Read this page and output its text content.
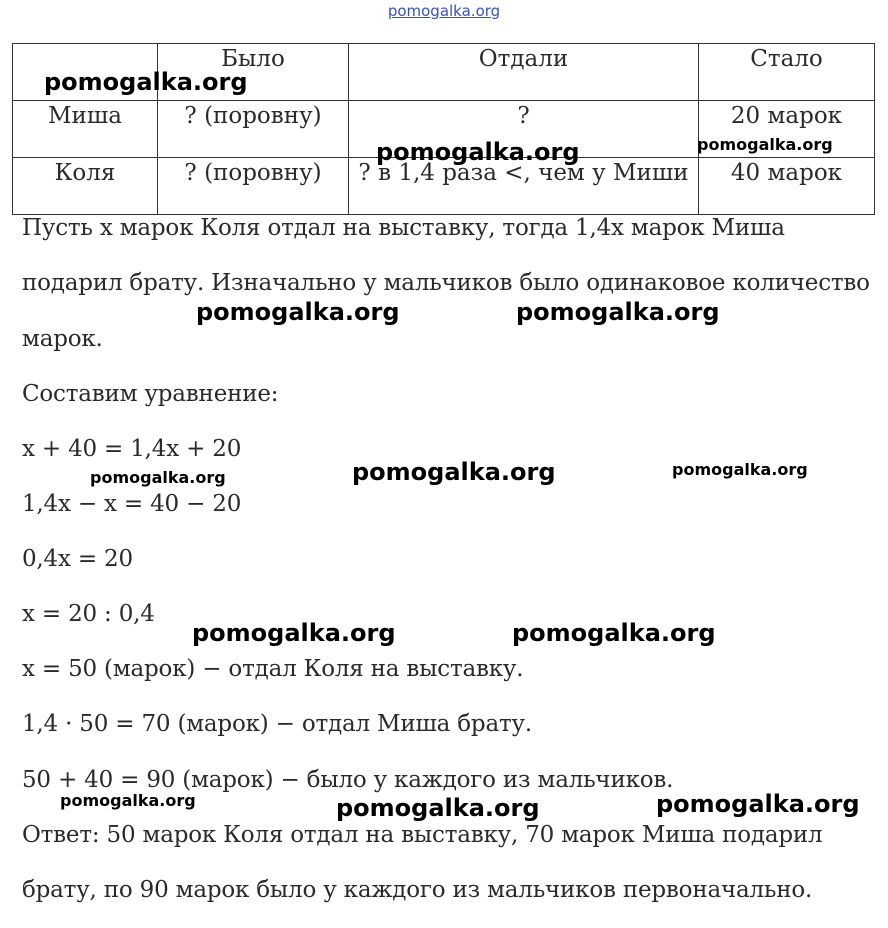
pomogalka.org
	Было	Отдали	Стало
Миша	? (поровну)	?	20 марок
Коля	? (поровну)	? в 1,4 раза <, чем у Миши	40 марок
Пусть x марок Коля отдал на выставку, тогда 1,4x марок Миша
подарил брату. Изначально у мальчиков было одинаковое количество
марок.
Составим уравнение:
x + 40 = 1,4x + 20
1,4x − x = 40 − 20
0,4x = 20
x = 20 : 0,4
x = 50 (марок) − отдал Коля на выставку.
1,4 · 50 = 70 (марок) − отдал Миша брату.
50 + 40 = 90 (марок) − было у каждого из мальчиков.
Ответ: 50 марок Коля отдал на выставку, 70 марок Миша подарил
брату, по 90 марок было у каждого из мальчиков первоначально.
pomogalka.org
pomogalka.org	pomogalka.org
pomogalka.org	pomogalka.org
pomogalka.org	pomogalka.org	pomogalka.org
pomogalka.org	pomogalka.org
pomogalka.org	pomogalka.org	pomogalka.org
